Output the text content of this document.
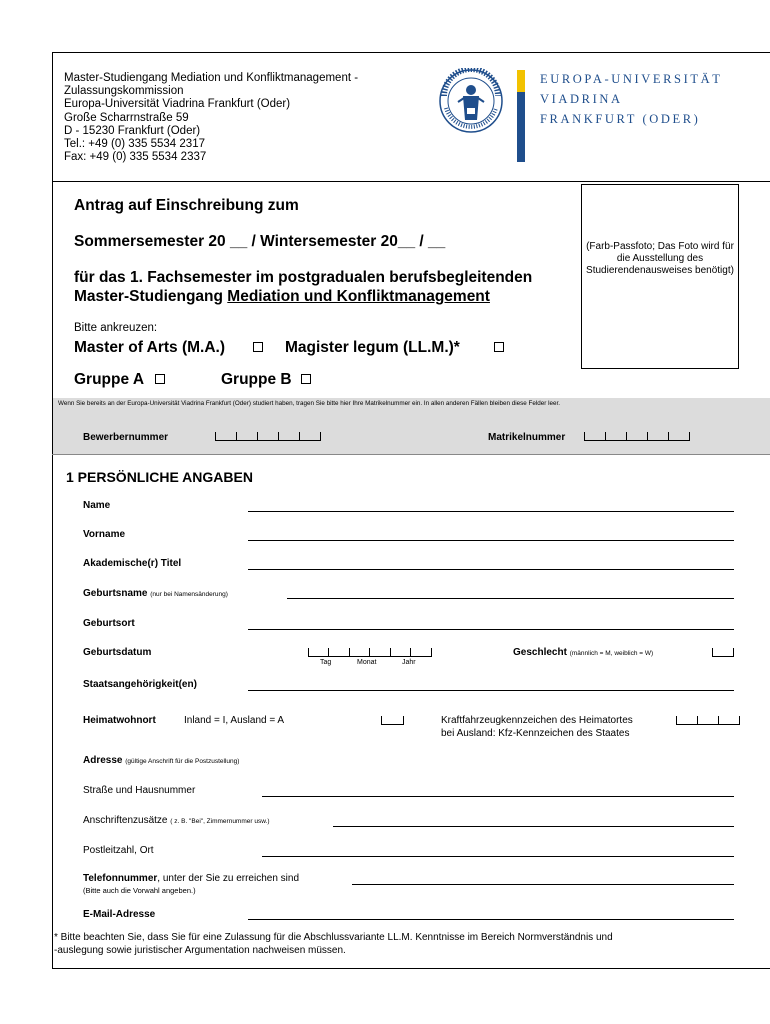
Master-Studiengang Mediation und Konfliktmanagement -
Zulassungskommission
Europa-Universität Viadrina Frankfurt (Oder)
Große Scharrnstraße 59
D - 15230 Frankfurt (Oder)
Tel.: +49 (0) 335 5534 2317
Fax: +49 (0) 335 5534 2337
EUROPA-UNIVERSITÄT
VIADRINA
FRANKFURT (ODER)
Antrag auf Einschreibung zum
Sommersemester 20 __ / Wintersemester 20__ / __
für das 1. Fachsemester im postgradualen berufsbegleitenden
Master-Studiengang Mediation und Konfliktmanagement
Bitte ankreuzen:
Master of Arts (M.A.)	Magister legum (LL.M.)*
Gruppe A	Gruppe B
(Farb-Passfoto; Das Foto wird für die Ausstellung des Studierendenausweises benötigt)
Wenn Sie bereits an der Europa-Universität Viadrina Frankfurt (Oder) studiert haben, tragen Sie bitte hier Ihre Matrikelnummer ein. In allen anderen Fällen bleiben diese Felder leer.
Bewerbernummer	Matrikelnummer
1 PERSÖNLICHE ANGABEN
Name
Vorname
Akademische(r) Titel
Geburtsname (nur bei Namensänderung)
Geburtsort
Geburtsdatum
Tag	Monat	Jahr
Geschlecht (männlich = M, weiblich = W)
Staatsangehörigkeit(en)
Heimatwohnort	Inland = I, Ausland = A	Kraftfahrzeugkennzeichen des Heimatortes
bei Ausland: Kfz-Kennzeichen des Staates
Adresse (gültige Anschrift für die Postzustellung)
Straße und Hausnummer
Anschriftenzusätze ( z. B. "Bei", Zimmernummer usw.)
Postleitzahl, Ort
Telefonnummer, unter der Sie zu erreichen sind
(Bitte auch die Vorwahl angeben.)
E-Mail-Adresse
* Bitte beachten Sie, dass Sie für eine Zulassung für die Abschlussvariante LL.M. Kenntnisse im Bereich Normverständnis und
-auslegung sowie juristischer Argumentation nachweisen müssen.
